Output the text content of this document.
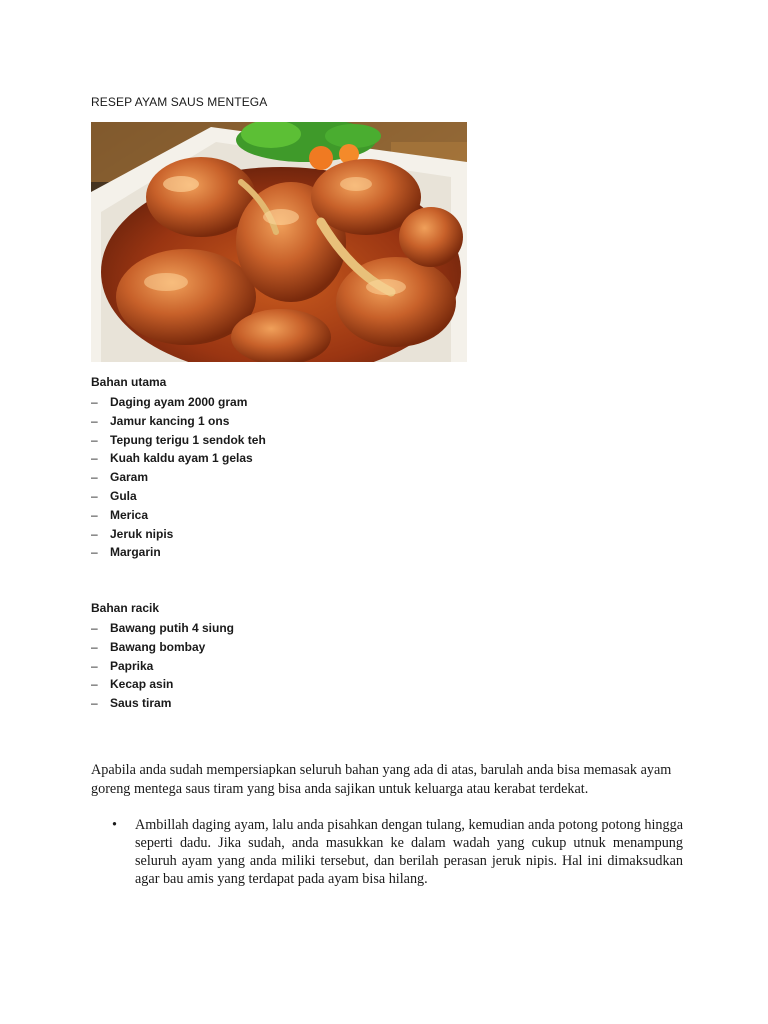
RESEP AYAM SAUS MENTEGA
Bahan utama
– Daging ayam 2000 gram
– Jamur kancing 1 ons
– Tepung terigu 1 sendok teh
– Kuah kaldu ayam 1 gelas
– Garam
– Gula
– Merica
– Jeruk nipis
– Margarin
Bahan racik
– Bawang putih 4 siung
– Bawang bombay
– Paprika
– Kecap asin
– Saus tiram

Apabila anda sudah mempersiapkan seluruh bahan yang ada di atas, barulah anda bisa memasak ayam goreng mentega saus tiram yang bisa anda sajikan untuk keluarga atau kerabat terdekat.

• Ambillah daging ayam, lalu anda pisahkan dengan tulang, kemudian anda potong potong hingga seperti dadu. Jika sudah, anda masukkan ke dalam wadah yang cukup utnuk menampung seluruh ayam yang anda miliki tersebut, dan berilah perasan jeruk nipis. Hal ini dimaksudkan agar bau amis yang terdapat pada ayam bisa hilang.
